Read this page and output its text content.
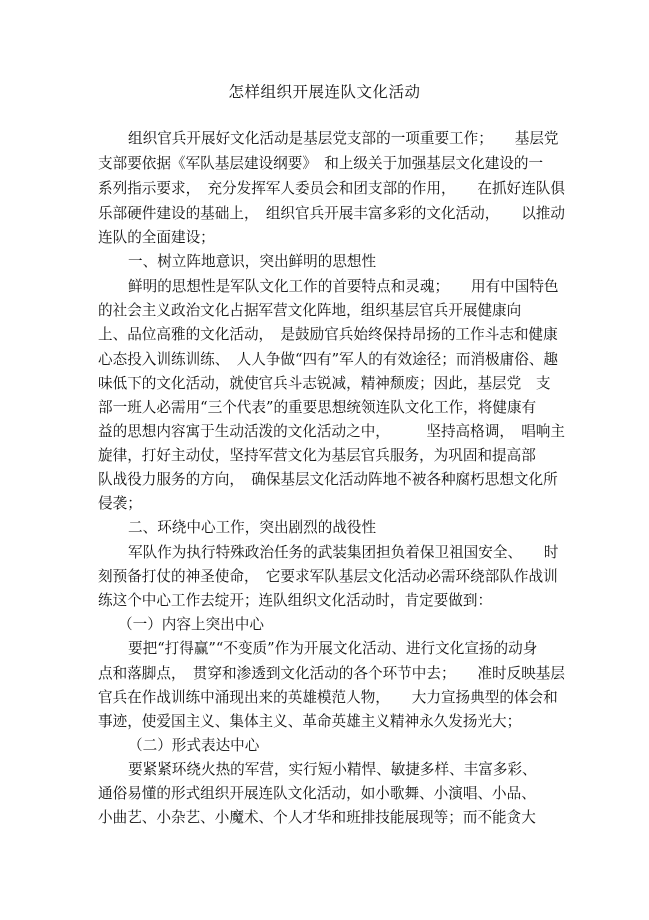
怎样组织开展连队文化活动
组织官兵开展好文化活动是基层党支部的一项重要工作；　　基层党
支部要依据《军队基层建设纲要》　和上级关于加强基层文化建设的一
系列指示要求，　充分发挥军人委员会和团支部的作用，　　在抓好连队俱
乐部硬件建设的基础上，　组织官兵开展丰富多彩的文化活动，　　以推动
连队的全面建设；
一、树立阵地意识，突出鲜明的思想性
鲜明的思想性是军队文化工作的首要特点和灵魂；　　用有中国特色
的社会主义政治文化占据军营文化阵地，组织基层官兵开展健康向
上、品位高雅的文化活动，　是鼓励官兵始终保持昂扬的工作斗志和健康
心态投入训练训练、　人人争做“四有”军人的有效途径；而消极庸俗、趣
味低下的文化活动，就使官兵斗志锐减，精神颓废；因此，基层党　支
部一班人必需用“三个代表”的重要思想统领连队文化工作，将健康有
益的思想内容寓于生动活泼的文化活动之中，　　　坚持高格调，　唱响主
旋律，打好主动仗，坚持军营文化为基层官兵服务，为巩固和提高部
队战役力服务的方向，　确保基层文化活动阵地不被各种腐朽思想文化所
侵袭；
二、环绕中心工作，突出剧烈的战役性
军队作为执行特殊政治任务的武装集团担负着保卫祖国安全、　　时
刻预备打仗的神圣使命，　它要求军队基层文化活动必需环绕部队作战训
练这个中心工作去绽开；连队组织文化活动时，肯定要做到：
（一）内容上突出中心
要把“打得赢”“不变质”作为开展文化活动、进行文化宣扬的动身
点和落脚点，　贯穿和渗透到文化活动的各个环节中去；　　准时反映基层
官兵在作战训练中涌现出来的英雄模范人物，　　大力宣扬典型的体会和
事迹，使爱国主义、集体主义、革命英雄主义精神永久发扬光大；
（二）形式表达中心
要紧紧环绕火热的军营，实行短小精悍、敏捷多样、丰富多彩、
通俗易懂的形式组织开展连队文化活动，如小歌舞、小演唱、小品、
小曲艺、小杂艺、小魔术、个人才华和班排技能展现等；而不能贪大
